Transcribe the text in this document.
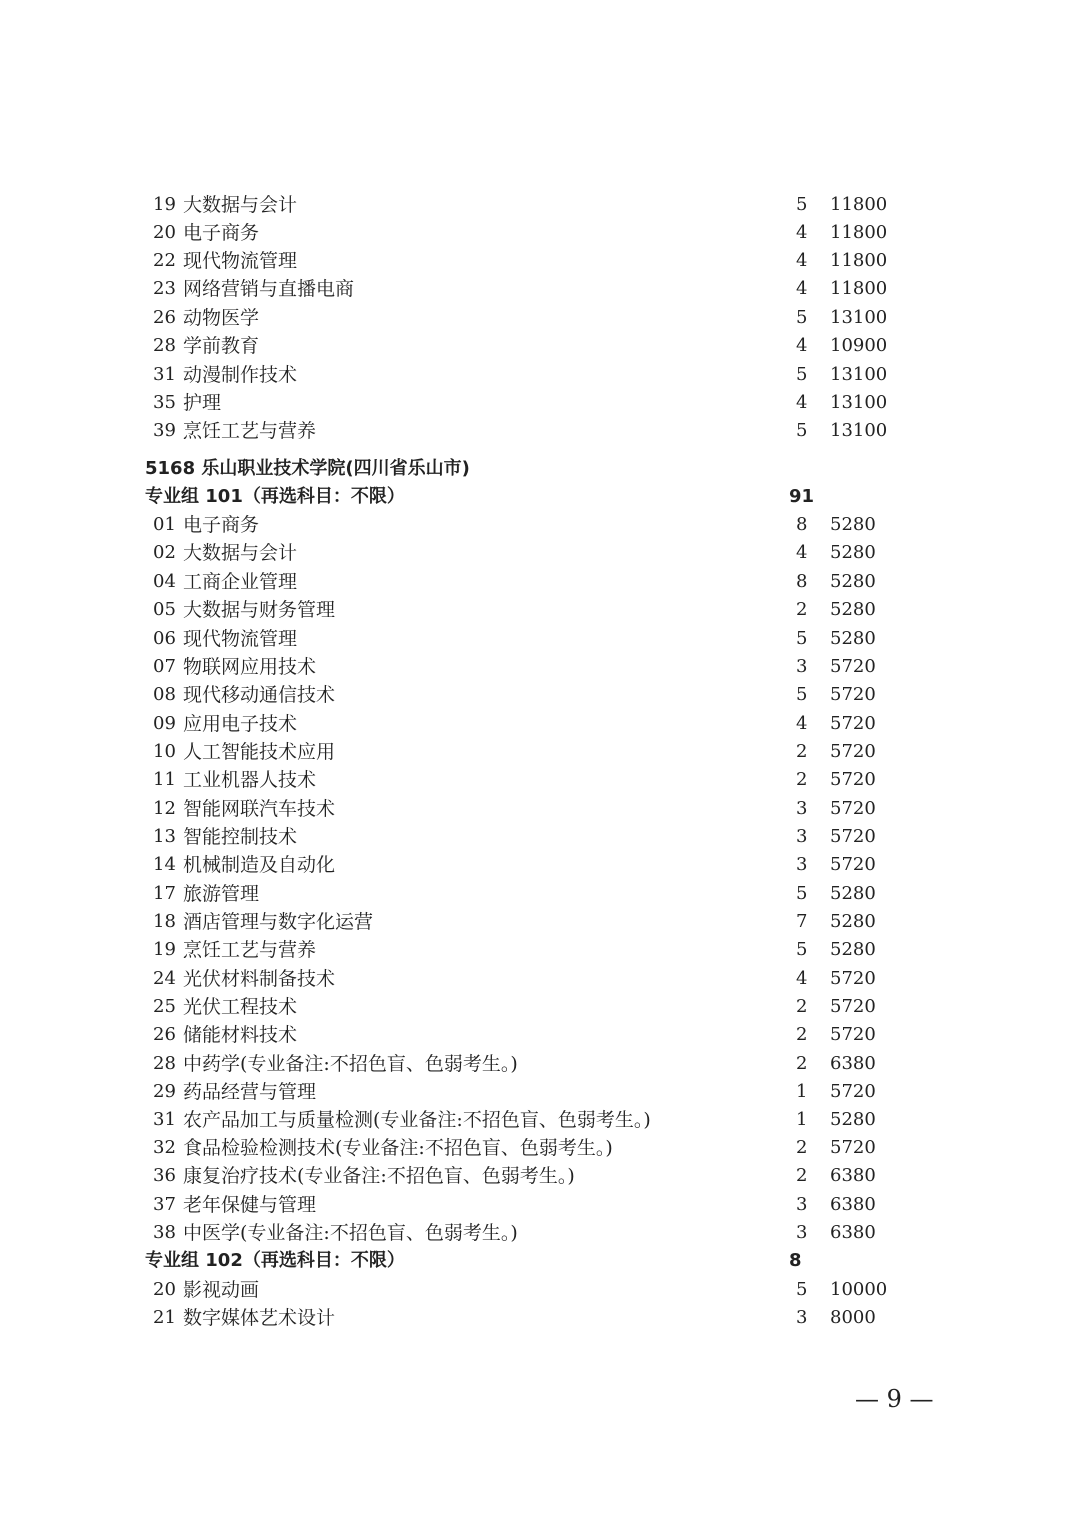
19 大数据与会计	5 11800
20 电子商务	4 11800
22 现代物流管理	4 11800
23 网络营销与直播电商	4 11800
26 动物医学	5 13100
28 学前教育	4 10900
31 动漫制作技术	5 13100
35 护理	4 13100
39 烹饪工艺与营养	5 13100
5168 乐山职业技术学院(四川省乐山市)
专业组 101（再选科目：不限）	91
01 电子商务	8 5280
02 大数据与会计	4 5280
04 工商企业管理	8 5280
05 大数据与财务管理	2 5280
06 现代物流管理	5 5280
07 物联网应用技术	3 5720
08 现代移动通信技术	5 5720
09 应用电子技术	4 5720
10 人工智能技术应用	2 5720
11 工业机器人技术	2 5720
12 智能网联汽车技术	3 5720
13 智能控制技术	3 5720
14 机械制造及自动化	3 5720
17 旅游管理	5 5280
18 酒店管理与数字化运营	7 5280
19 烹饪工艺与营养	5 5280
24 光伏材料制备技术	4 5720
25 光伏工程技术	2 5720
26 储能材料技术	2 5720
28 中药学(专业备注:不招色盲、色弱考生。)	2 6380
29 药品经营与管理	1 5720
31 农产品加工与质量检测(专业备注:不招色盲、色弱考生。)	1 5280
32 食品检验检测技术(专业备注:不招色盲、色弱考生。)	2 5720
36 康复治疗技术(专业备注:不招色盲、色弱考生。)	2 6380
37 老年保健与管理	3 6380
38 中医学(专业备注:不招色盲、色弱考生。)	3 6380
专业组 102（再选科目：不限）	8
20 影视动画	5 10000
21 数字媒体艺术设计	3 8000
— 9 —
